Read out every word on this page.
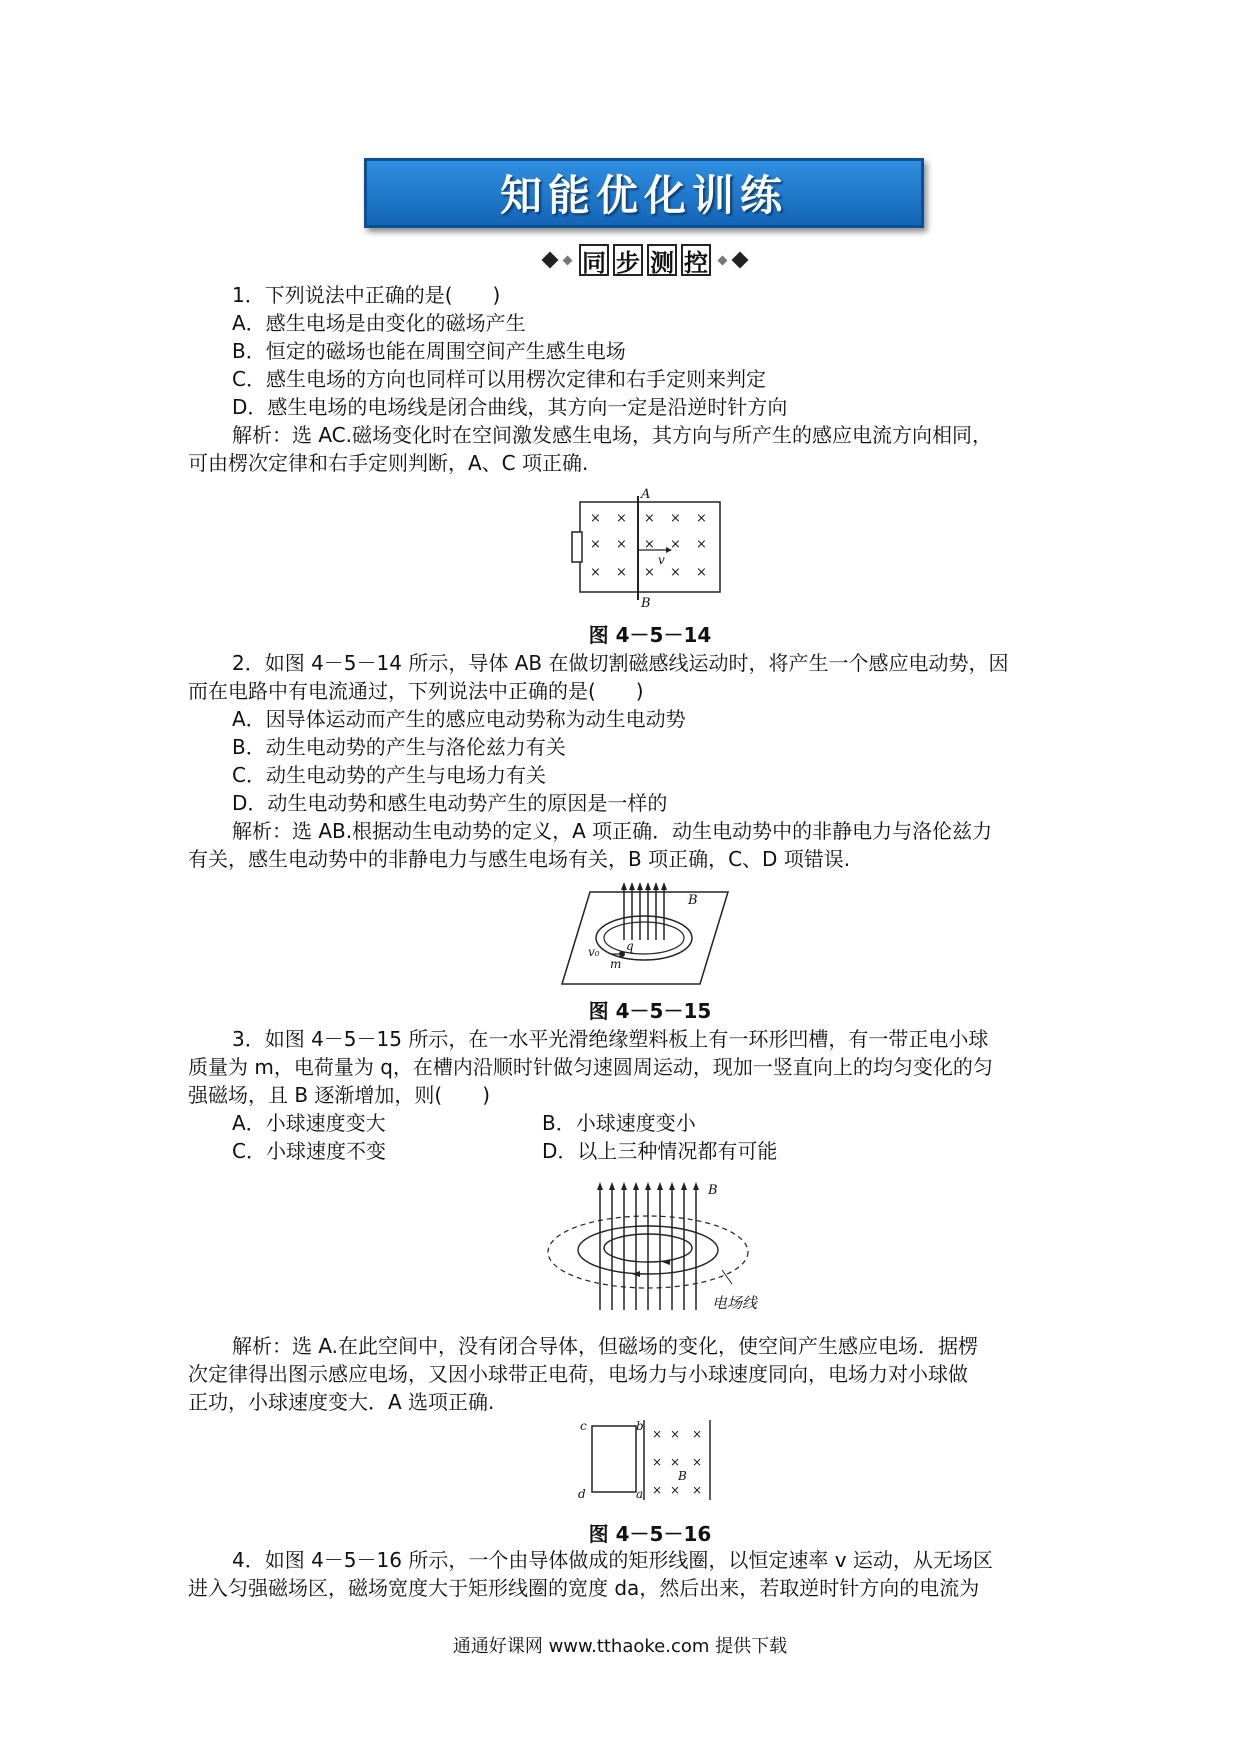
知能优化训练
同 步 测 控
1．下列说法中正确的是(　　)
A．感生电场是由变化的磁场产生
B．恒定的磁场也能在周围空间产生感生电场
C．感生电场的方向也同样可以用楞次定律和右手定则来判定
D．感生电场的电场线是闭合曲线，其方向一定是沿逆时针方向
解析：选 AC.磁场变化时在空间激发感生电场，其方向与所产生的感应电流方向相同，
可由楞次定律和右手定则判断，A、C 项正确.
× × × × ×
× × × × ×
× × × × ×
A
B
v
图 4－5－14
2．如图 4－5－14 所示，导体 AB 在做切割磁感线运动时，将产生一个感应电动势，因
而在电路中有电流通过，下列说法中正确的是(　　)
A．因导体运动而产生的感应电动势称为动生电动势
B．动生电动势的产生与洛伦兹力有关
C．动生电动势的产生与电场力有关
D．动生电动势和感生电动势产生的原因是一样的
解析：选 AB.根据动生电动势的定义，A 项正确．动生电动势中的非静电力与洛伦兹力
有关，感生电动势中的非静电力与感生电场有关，B 项正确，C、D 项错误.
B
v₀ q
m
图 4－5－15
3．如图 4－5－15 所示，在一水平光滑绝缘塑料板上有一环形凹槽，有一带正电小球
质量为 m，电荷量为 q，在槽内沿顺时针做匀速圆周运动，现加一竖直向上的均匀变化的匀
强磁场，且 B 逐渐增加，则(　　)
A．小球速度变大	B．小球速度变小
C．小球速度不变	D．以上三种情况都有可能
B
电场线
解析：选 A.在此空间中，没有闭合导体，但磁场的变化，使空间产生感应电场．据楞
次定律得出图示感应电场，又因小球带正电荷，电场力与小球速度同向，电场力对小球做
正功，小球速度变大．A 选项正确.
× × ×
× × ×
× × ×
c	b
d	a
B
图 4－5－16
4．如图 4－5－16 所示，一个由导体做成的矩形线圈，以恒定速率 v 运动，从无场区
进入匀强磁场区，磁场宽度大于矩形线圈的宽度 da，然后出来，若取逆时针方向的电流为
通通好课网 www.tthaoke.com 提供下载
